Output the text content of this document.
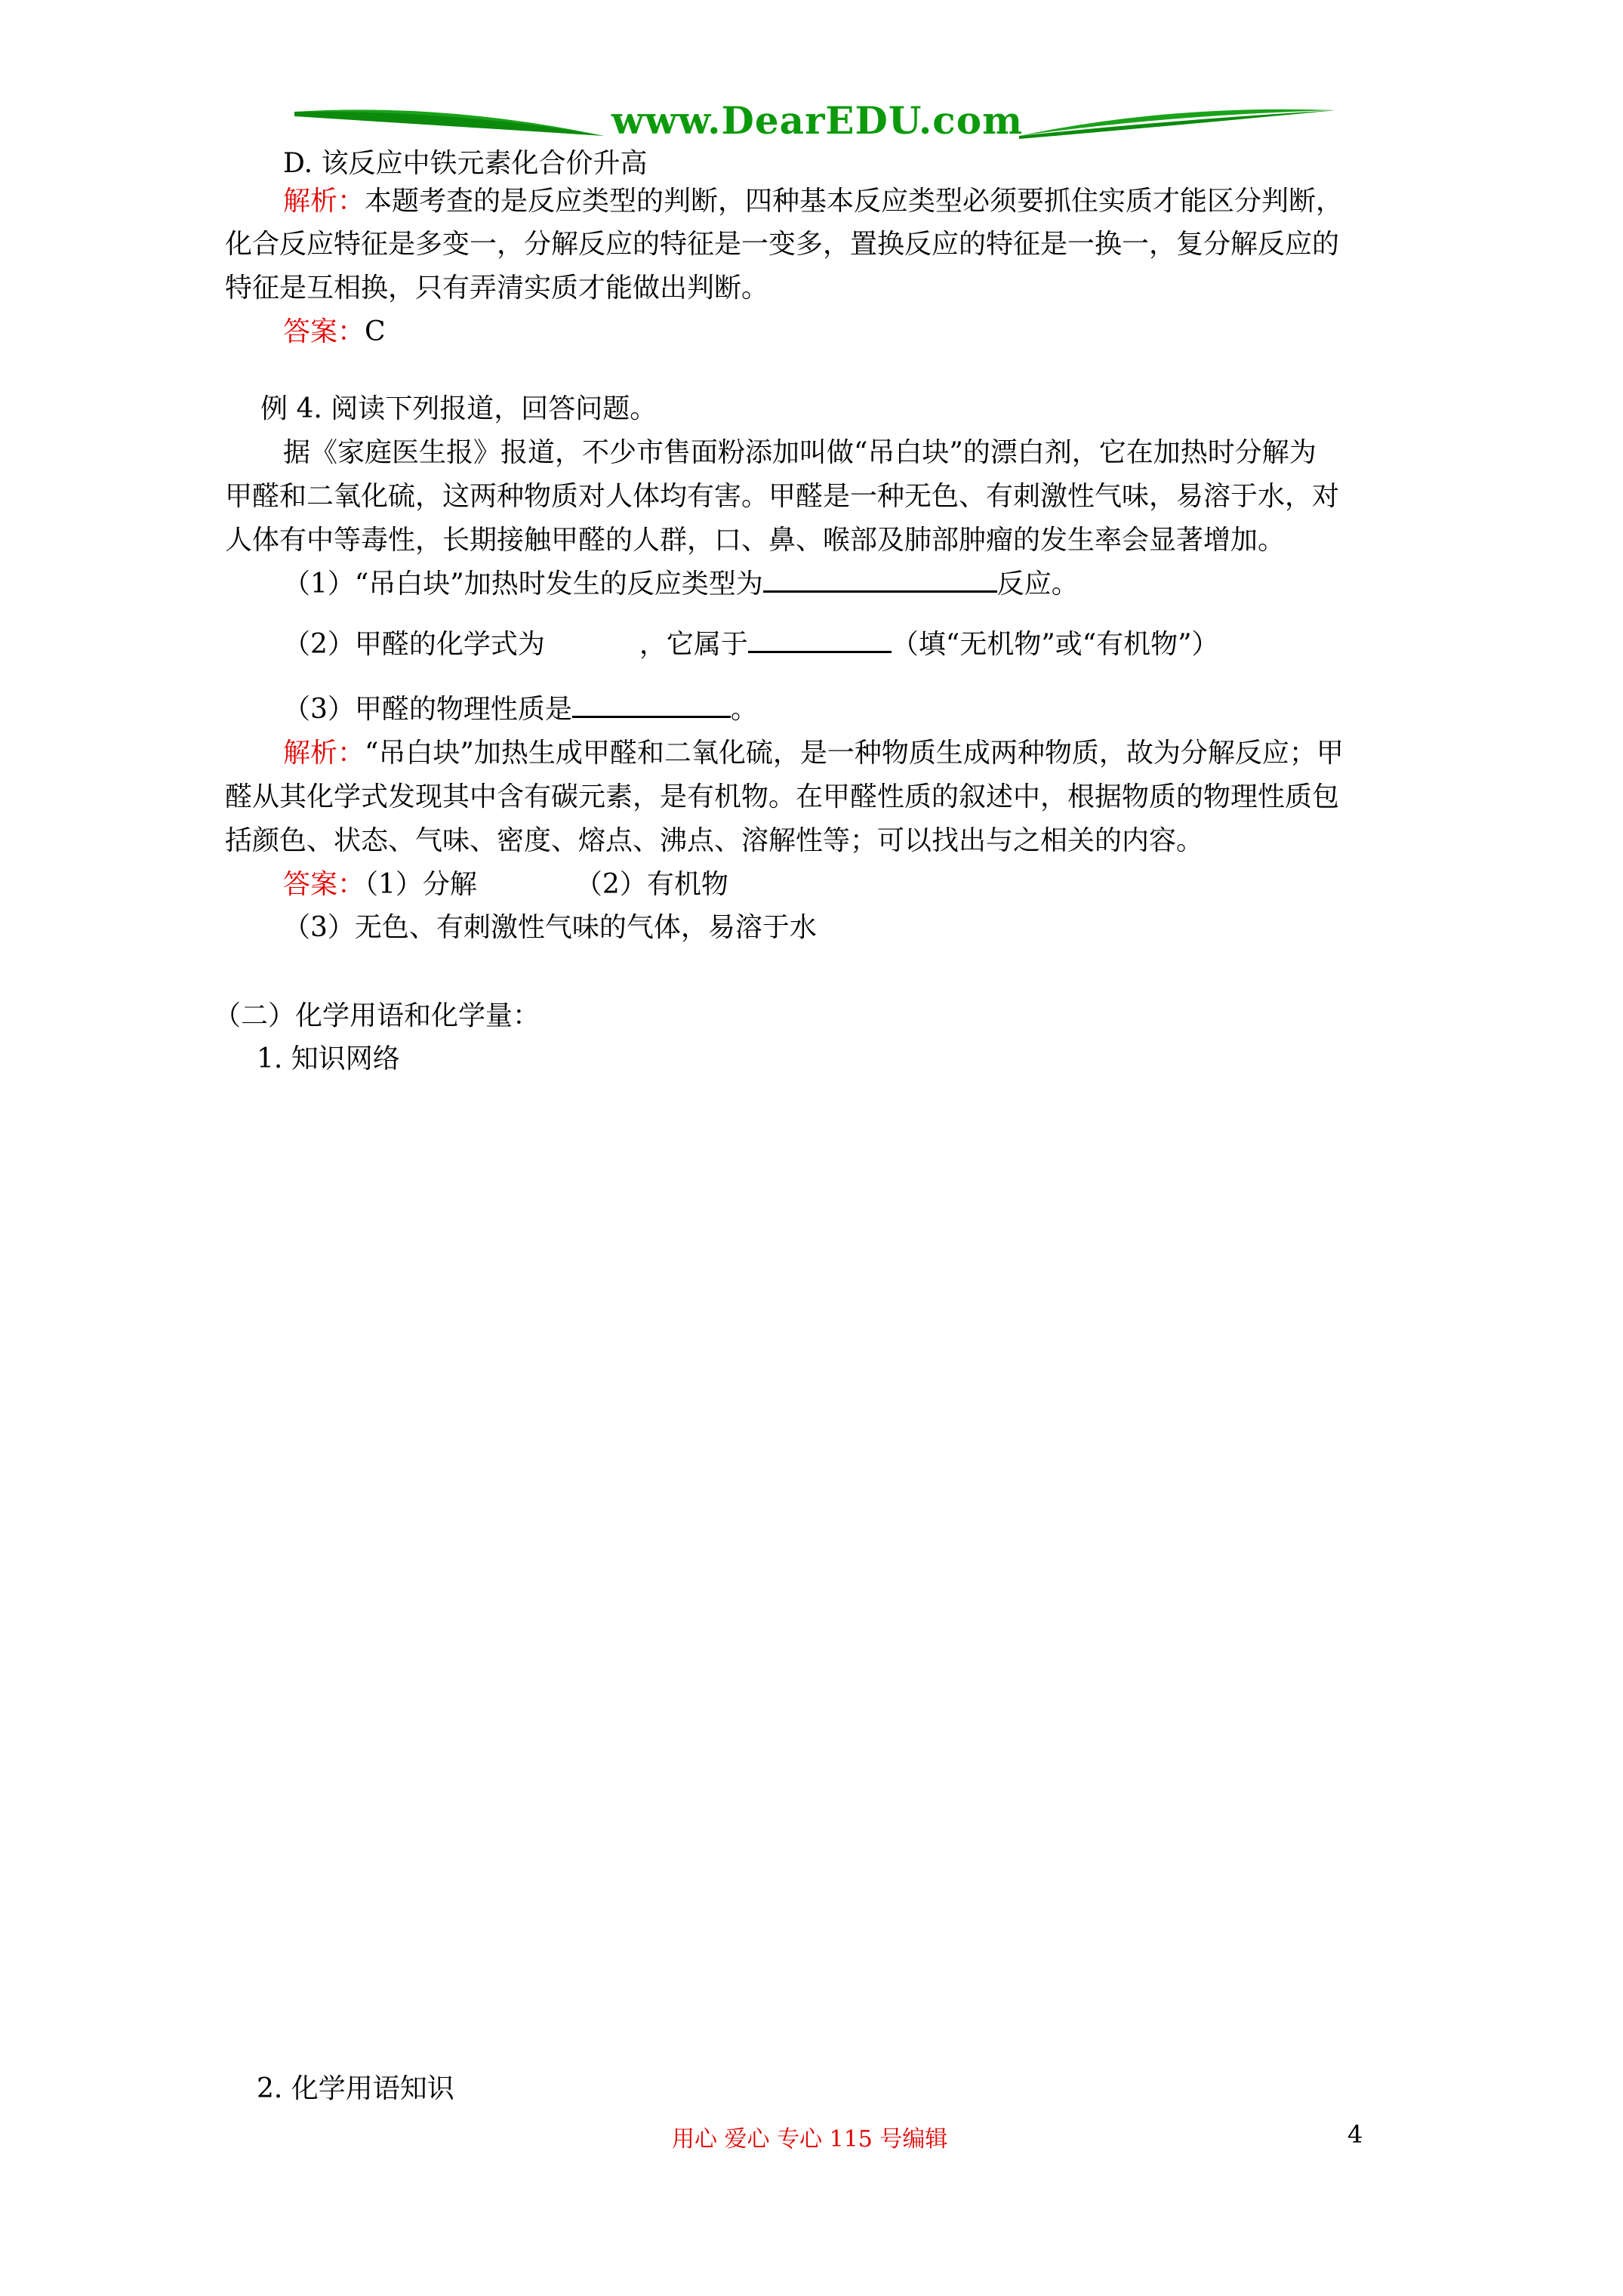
www.DearEDU.com
D. 该反应中铁元素化合价升高
解析：本题考查的是反应类型的判断，四种基本反应类型必须要抓住实质才能区分判断，
化合反应特征是多变一，分解反应的特征是一变多，置换反应的特征是一换一，复分解反应的
特征是互相换，只有弄清实质才能做出判断。
答案：C
例 4. 阅读下列报道，回答问题。
据《家庭医生报》报道，不少市售面粉添加叫做“吊白块”的漂白剂，它在加热时分解为
甲醛和二氧化硫，这两种物质对人体均有害。甲醛是一种无色、有刺激性气味，易溶于水，对
人体有中等毒性，长期接触甲醛的人群，口、鼻、喉部及肺部肿瘤的发生率会显著增加。
（1）“吊白块”加热时发生的反应类型为	反应。
（2）甲醛的化学式为	，它属于	（填“无机物”或“有机物”）
（3）甲醛的物理性质是	。
解析：“吊白块”加热生成甲醛和二氧化硫，是一种物质生成两种物质，故为分解反应；甲
醛从其化学式发现其中含有碳元素，是有机物。在甲醛性质的叙述中，根据物质的物理性质包
括颜色、状态、气味、密度、熔点、沸点、溶解性等；可以找出与之相关的内容。
答案：（1）分解	（2）有机物
（3）无色、有刺激性气味的气体，易溶于水
（二）化学用语和化学量：
1. 知识网络
2. 化学用语知识
用心 爱心 专心 115 号编辑	4
